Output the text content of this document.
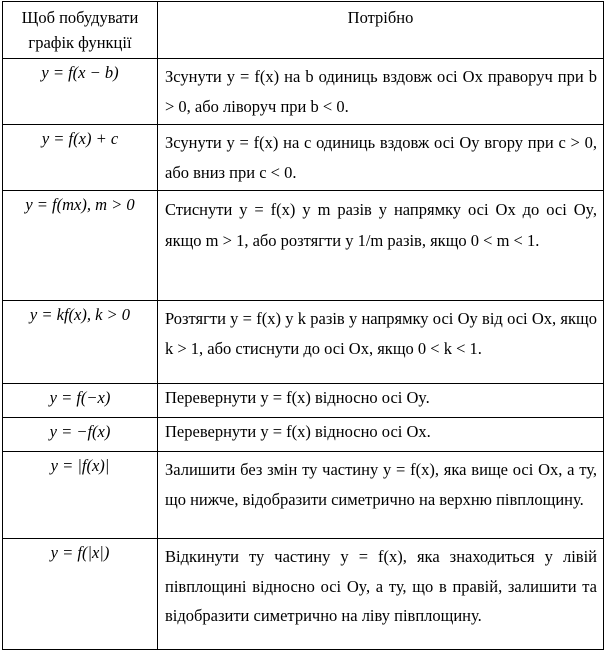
Щоб побудувати графік функції	Потрібно
y = f(x − b)	Зсунути y = f(x) на b одиниць вздовж осі Ox праворуч при b > 0, або ліворуч при b < 0.
y = f(x) + c	Зсунути y = f(x) на c одиниць вздовж осі Oy вгору при c > 0, або вниз при c < 0.
y = f(mx), m > 0	Стиснути y = f(x) у m разів у напрямку осі Ox до осі Oy, якщо m > 1, або розтягти у 1/m разів, якщо 0 < m < 1.
y = kf(x), k > 0	Розтягти y = f(x) у k разів у напрямку осі Oy від осі Ox, якщо k > 1, або стиснути до осі Ox, якщо 0 < k < 1.
y = f(−x)	Перевернути y = f(x) відносно осі Oy.
y = −f(x)	Перевернути y = f(x) відносно осі Ox.
y = |f(x)|	Залишити без змін ту частину y = f(x), яка вище осі Ox, а ту, що нижче, відобразити симетрично на верхню півплощину.
y = f(|x|)	Відкинути ту частину y = f(x), яка знаходиться у лівій півплощині відносно осі Oy, а ту, що в правій, залишити та відобразити симетрично на ліву півплощину.
